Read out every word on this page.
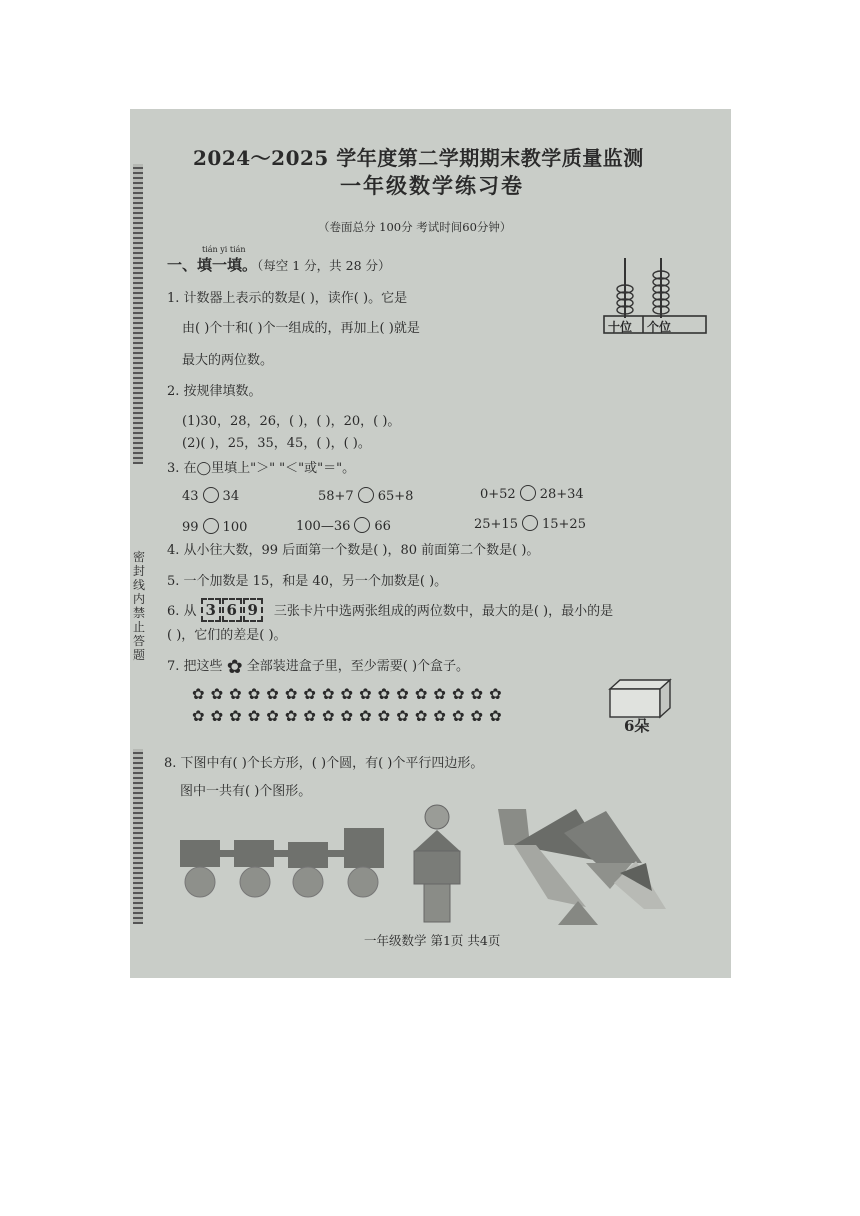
密封线内禁止答题
2024～2025 学年度第二学期期末教学质量监测
一年级数学练习卷
（卷面总分 100分 考试时间60分钟）
tián yi tián
一、填一填。（每空 1 分，共 28 分）
1. 计数器上表示的数是( )，读作( )。它是
由( )个十和( )个一组成的，再加上( )就是
最大的两位数。
十位 个位
2. 按规律填数。
(1)30，28，26，( )，( )，20，( )。
(2)( )，25，35，45，( )，( )。
3. 在◯里填上"＞" "＜"或"＝"。
43 34	58+7 65+8	0+52 28+34
99 100	100—36 66	25+15 15+25
4. 从小往大数，99 后面第一个数是( )，80 前面第二个数是( )。
5. 一个加数是 15，和是 40，另一个加数是( )。
6. 从 3 6 9 三张卡片中选两张组成的两位数中，最大的是( )，最小的是
( )，它们的差是( )。
7. 把这些 ✿ 全部装进盒子里，至少需要( )个盒子。
✿✿✿✿✿✿✿✿✿✿✿✿✿✿✿✿✿
✿✿✿✿✿✿✿✿✿✿✿✿✿✿✿✿✿
6朵
8. 下图中有( )个长方形，( )个圆，有( )个平行四边形。
图中一共有( )个图形。
一年级数学 第1页 共4页
